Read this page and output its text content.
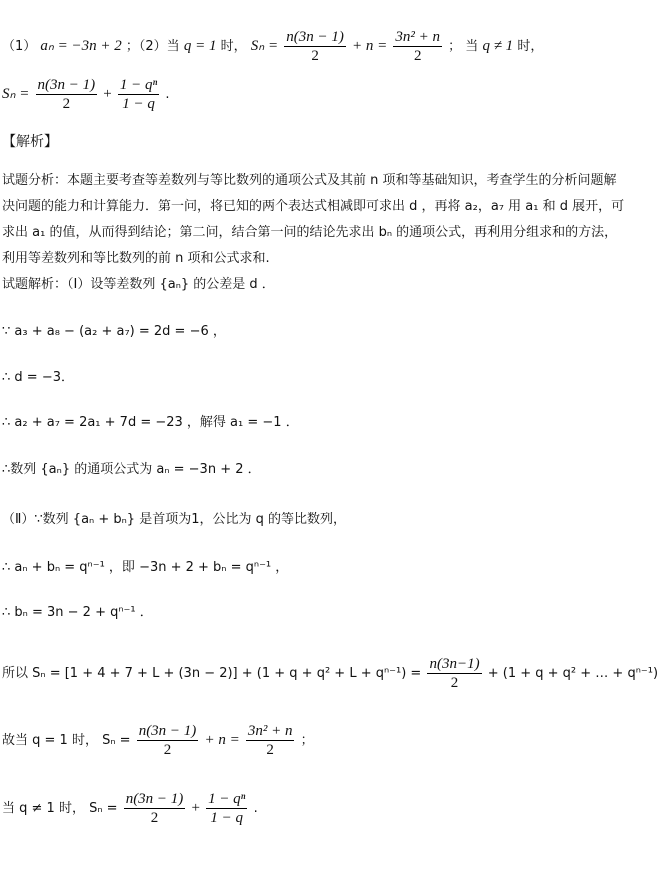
（1） aₙ = −3n + 2 ；（2）当 q = 1 时， $S_n = \frac{n(3n - 1)}{2} + n = \frac{\text{3n² + n}}{2}$ ； 当 q ≠ 1 时，
$S_n = \frac{n(3n - 1)}{2} + \frac{\text{1 − qⁿ}}{1 - q}$ .
【解析】
试题分析：本题主要考查等差数列与等比数列的通项公式及其前 n 项和等基础知识，考查学生的分析问题解决问题的能力和计算能力．第一问，将已知的两个表达式相减即可求出 d ，再将 a₂，a₇ 用 a₁ 和 d 展开，可求出 a₁ 的值，从而得到结论；第二问，结合第一问的结论先求出 bₙ 的通项公式，再利用分组求和的方法，利用等差数列和等比数列的前 n 项和公式求和.
试题解析：（Ⅰ）设等差数列 {aₙ} 的公差是 d ．
∵ a₃ + a₈ − (a₂ + a₇) = 2d = −6 ，
∴ d = −3．
∴ a₂ + a₇ = 2a₁ + 7d = −23 ，解得 a₁ = −1 ．
∴数列 {aₙ} 的通项公式为 aₙ = −3n + 2 ．
（Ⅱ）∵数列 {aₙ + bₙ} 是首项为1，公比为 q 的等比数列，
∴ aₙ + bₙ = qⁿ⁻¹ ，即 −3n + 2 + bₙ = qⁿ⁻¹ ，
∴ bₙ = 3n − 2 + qⁿ⁻¹ ．
所以 $S_n = [1 + 4 + 7 + L + (3n - 2)] + (1 + q + q^2 + L + q^{n-1}) = \frac{n(3n-1)}{2} + (1 + q + q^2$ + … + qⁿ⁻¹)
故当 q = 1 时， $S_n = \frac{n(3n - 1)}{2} + n = \frac{\text{3n² + n}}{2}$ ；
当 q ≠ 1 时， $S_n = \frac{n(3n - 1)}{2} + \frac{\text{1 − qⁿ}}{1 - q}$ .
